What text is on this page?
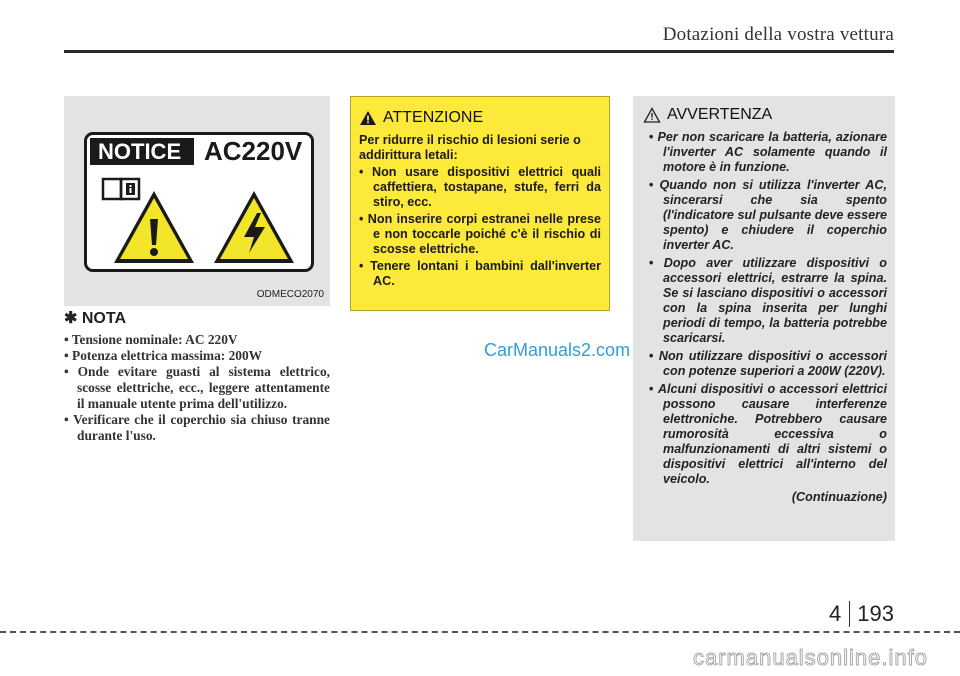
Dotazioni della vostra vettura
NOTICE AC220V
ODMECO2070
✱ NOTA
• Tensione nominale: AC 220V
• Potenza elettrica massima: 200W
• Onde evitare guasti al sistema elettrico, scosse elettriche, ecc., leggere attentamente il manuale utente prima dell'utilizzo.
• Verificare che il coperchio sia chiuso tranne durante l'uso.
ATTENZIONE

Per ridurre il rischio di lesioni serie o addirittura letali:

• Non usare dispositivi elettrici quali caffettiera, tostapane, stufe, ferri da stiro, ecc.
• Non inserire corpi estranei nelle prese e non toccarle poiché c'è il rischio di scosse elettriche.
• Tenere lontani i bambini dall'inverter AC.
AVVERTENZA
• Per non scaricare la batteria, azionare l'inverter AC solamente quando il motore è in funzione.
• Quando non si utilizza l'inverter AC, sincerarsi che sia spento (l'indicatore sul pulsante deve essere spento) e chiudere il coperchio inverter AC.
• Dopo aver utilizzare dispositivi o accessori elettrici, estrarre la spina. Se si lasciano dispositivi o accessori con la spina inserita per lunghi periodi di tempo, la batteria potrebbe scaricarsi.
• Non utilizzare dispositivi o accessori con potenze superiori a 200W (220V).
• Alcuni dispositivi o accessori elettrici possono causare interferenze elettroniche. Potrebbero causare rumorosità eccessiva o malfunzionamenti di altri sistemi o dispositivi elettrici all'interno del veicolo.
(Continuazione)
CarManuals2.com
4 193
carmanualsonline.info
